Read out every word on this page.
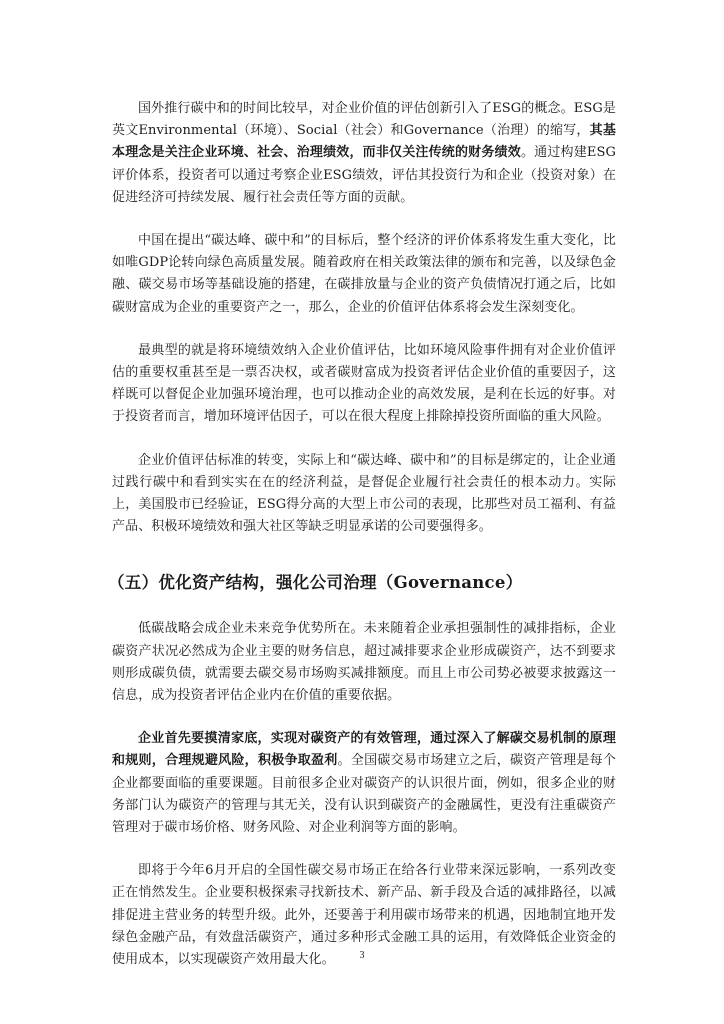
国外推行碳中和的时间比较早，对企业价值的评估创新引入了ESG的概念。ESG是英文Environmental（环境）、Social（社会）和Governance（治理）的缩写，其基本理念是关注企业环境、社会、治理绩效，而非仅关注传统的财务绩效。通过构建ESG评价体系，投资者可以通过考察企业ESG绩效，评估其投资行为和企业（投资对象）在促进经济可持续发展、履行社会责任等方面的贡献。

中国在提出“碳达峰、碳中和”的目标后，整个经济的评价体系将发生重大变化，比如唯GDP论转向绿色高质量发展。随着政府在相关政策法律的颁布和完善，以及绿色金融、碳交易市场等基础设施的搭建，在碳排放量与企业的资产负债情况打通之后，比如碳财富成为企业的重要资产之一，那么，企业的价值评估体系将会发生深刻变化。

最典型的就是将环境绩效纳入企业价值评估，比如环境风险事件拥有对企业价值评估的重要权重甚至是一票否决权，或者碳财富成为投资者评估企业价值的重要因子，这样既可以督促企业加强环境治理，也可以推动企业的高效发展，是利在长远的好事。对于投资者而言，增加环境评估因子，可以在很大程度上排除掉投资所面临的重大风险。

企业价值评估标准的转变，实际上和“碳达峰、碳中和”的目标是绑定的，让企业通过践行碳中和看到实实在在的经济利益，是督促企业履行社会责任的根本动力。实际上，美国股市已经验证，ESG得分高的大型上市公司的表现，比那些对员工福利、有益产品、积极环境绩效和强大社区等缺乏明显承诺的公司要强得多。

（五）优化资产结构，强化公司治理（Governance）

低碳战略会成企业未来竞争优势所在。未来随着企业承担强制性的减排指标，企业碳资产状况必然成为企业主要的财务信息，超过减排要求企业形成碳资产，达不到要求则形成碳负债，就需要去碳交易市场购买减排额度。而且上市公司势必被要求披露这一信息，成为投资者评估企业内在价值的重要依据。

企业首先要摸清家底，实现对碳资产的有效管理，通过深入了解碳交易机制的原理和规则，合理规避风险，积极争取盈利。全国碳交易市场建立之后，碳资产管理是每个企业都要面临的重要课题。目前很多企业对碳资产的认识很片面，例如，很多企业的财务部门认为碳资产的管理与其无关，没有认识到碳资产的金融属性，更没有注重碳资产管理对于碳市场价格、财务风险、对企业利润等方面的影响。

即将于今年6月开启的全国性碳交易市场正在给各行业带来深远影响，一系列改变正在悄然发生。企业要积极探索寻找新技术、新产品、新手段及合适的减排路径，以减排促进主营业务的转型升级。此外，还要善于利用碳市场带来的机遇，因地制宜地开发绿色金融产品，有效盘活碳资产，通过多种形式金融工具的运用，有效降低企业资金的使用成本，以实现碳资产效用最大化。	3
